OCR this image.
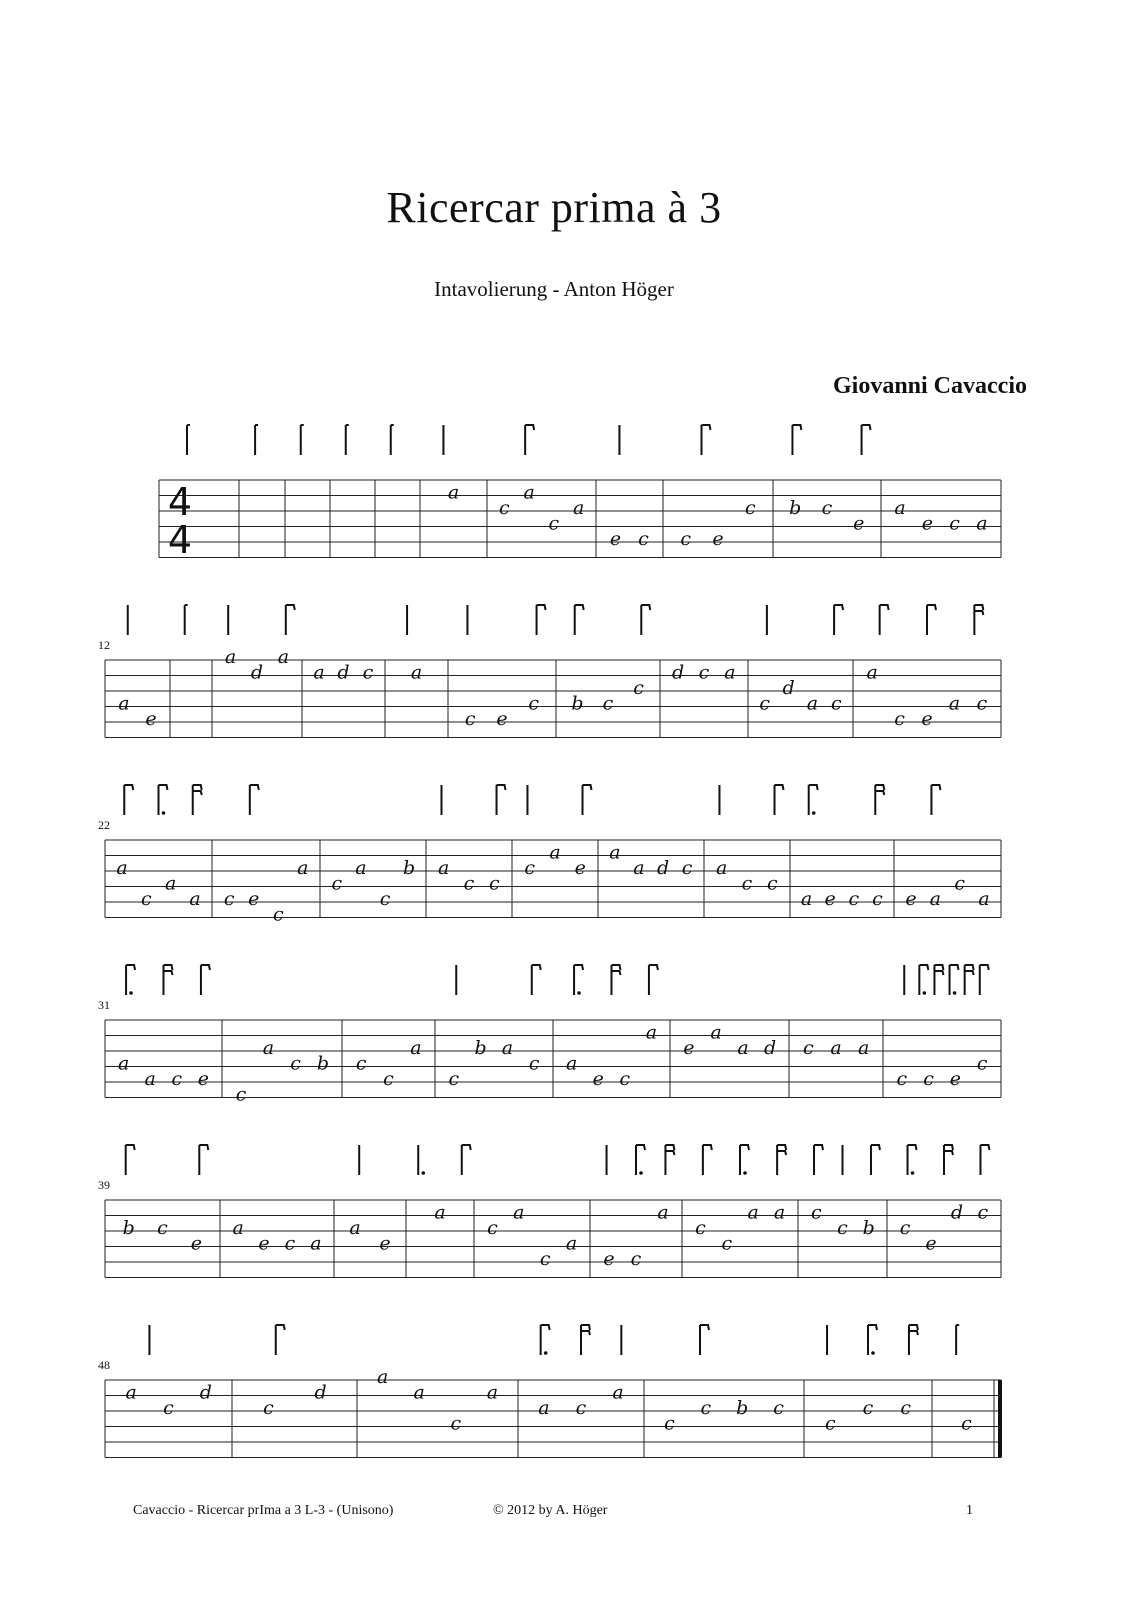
Ricercar prima à 3
Intavolierung - Anton Höger
Giovanni Cavaccio
4
4
a
c
a
c
a
e c c e
c b c
e
a
e c a
12
a
e
a
d
a
a d c a
c e
c b c
c
d c a
c
d
a c
a
c e
a c
22
a
c
a
a c e
c
a
c
a
c
b a
c c
c
a
e
a
a d c a
c c
a e c c e a
c
a
31
a
a c e
c
a
c b c
c
a
c
b a
c a
e c
a
e
a
a d c a a
c c e
c
39
b c
e
a
e c a
a
e
a
c
a
c
a
e c
a
c
c
a a c
c b c
e
d c
48
a
c
d
c
d
a
a
c
a
a c
a
c
c b c
c
c c
c
Cavaccio - Ricercar prIma a 3 L-3 - (Unisono)	© 2012 by A. Höger	1
